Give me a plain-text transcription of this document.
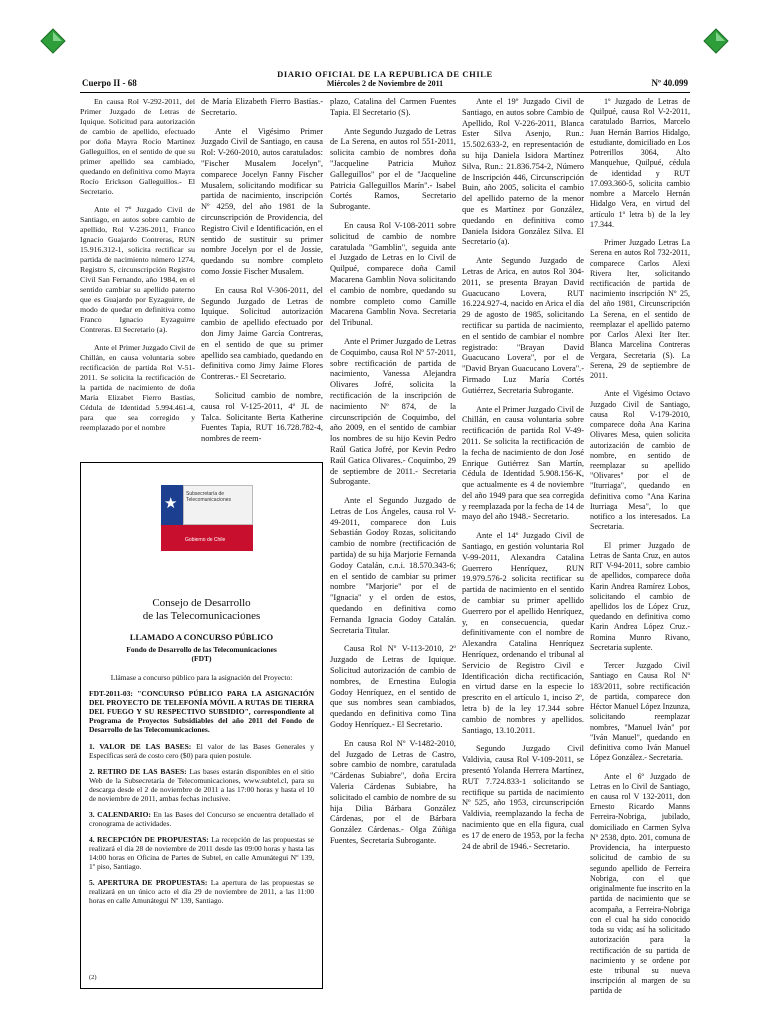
Cuerpo II - 68
DIARIO OFICIAL DE LA REPUBLICA DE CHILE
Miércoles 2 de Noviembre de 2011	Nº 40.099

En causa Rol V-292-2011, del Primer Juzgado de Letras de Iquique. Solicitud para autorización de cambio de apellido, efectuado por doña Mayra Rocío Martínez Galleguillos, en el sentido de que su primer apellido sea cambiado, quedando en definitiva como Mayra Rocío Erickson Galleguillos.- El Secretario.

Ante el 7º Juzgado Civil de Santiago, en autos sobre cambio de apellido, Rol V-236-2011, Franco Ignacio Guajardo Contreras, RUN 15.916.312-1, solicita rectificar su partida de nacimiento número 1274, Registro S, circunscripción Registro Civil San Fernando, año 1984, en el sentido cambiar su apellido paterno que es Guajardo por Eyzaguirre, de modo de quedar en definitiva como Franco Ignacio Eyzaguirre Contreras. El Secretario (a).

Ante el Primer Juzgado Civil de Chillán, en causa voluntaria sobre rectificación de partida Rol V-51-2011. Se solicita la rectificación de la partida de nacimiento de doña María Elizabet Fierro Bastías, Cédula de Identidad 5.994.461-4, para que sea corregido y reemplazado por el nombre

de María Elizabeth Fierro Bastías.- Secretario.

Ante el Vigésimo Primer Juzgado Civil de Santiago, en causa Rol: V-260-2010, autos caratulados: "Fischer Musalem Jocelyn", comparece Jocelyn Fanny Fischer Musalem, solicitando modificar su partida de nacimiento, inscripción Nº 4259, del año 1981 de la circunscripción de Providencia, del Registro Civil e Identificación, en el sentido de sustituir su primer nombre Jocelyn por el de Jossie, quedando su nombre completo como Jossie Fischer Musalem.

En causa Rol V-306-2011, del Segundo Juzgado de Letras de Iquique. Solicitud autorización cambio de apellido efectuado por don Jimy Jaime García Contreras, en el sentido de que su primer apellido sea cambiado, quedando en definitiva como Jimy Jaime Flores Contreras.- El Secretario.

Solicitud cambio de nombre, causa rol V-125-2011, 4º JL de Talca. Solicitante Berta Katherine Fuentes Tapia, RUT 16.728.782-4, nombres de reem-

plazo, Catalina del Carmen Fuentes Tapia. El Secretario (S).

Ante Segundo Juzgado de Letras de La Serena, en autos rol 551-2011, solicita cambio de nombres doña "Jacqueline Patricia Muñoz Galleguillos" por el de "Jacqueline Patricia Galleguillos Marín".- Isabel Cortés Ramos, Secretario Subrogante.

En causa Rol V-108-2011 sobre solicitud de cambio de nombre caratulada "Gamblin", seguida ante el Juzgado de Letras en lo Civil de Quilpué, comparece doña Camil Macarena Gamblin Nova solicitando el cambio de nombre, quedando su nombre completo como Camille Macarena Gamblin Nova. Secretaria del Tribunal.

Ante el Primer Juzgado de Letras de Coquimbo, causa Rol Nº 57-2011, sobre rectificación de partida de nacimiento, Vanessa Alejandra Olivares Jofré, solicita la rectificación de la inscripción de nacimiento Nº 874, de la circunscripción de Coquimbo, del año 2009, en el sentido de cambiar los nombres de su hijo Kevin Pedro Raúl Gatica Jofré, por Kevin Pedro Raúl Gatica Olivares.- Coquimbo, 29 de septiembre de 2011.- Secretaria Subrogante.

Ante el Segundo Juzgado de Letras de Los Ángeles, causa rol V-49-2011, comparece don Luis Sebastián Godoy Rozas, solicitando cambio de nombre (rectificación de partida) de su hija Marjorie Fernanda Godoy Catalán, c.n.i. 18.570.343-6; en el sentido de cambiar su primer nombre "Marjorie" por el de "Ignacia" y el orden de estos, quedando en definitiva como Fernanda Ignacia Godoy Catalán. Secretaria Titular.

Causa Rol Nº V-113-2010, 2º Juzgado de Letras de Iquique. Solicitud autorización de cambio de nombres, de Ernestina Eulogia Godoy Henríquez, en el sentido de que sus nombres sean cambiados, quedando en definitiva como Tina Godoy Henríquez.- El Secretario.

En causa Rol Nº V-1482-2010, del Juzgado de Letras de Castro, sobre cambio de nombre, caratulada "Cárdenas Subiabre", doña Ercira Valeria Cárdenas Subiabre, ha solicitado el cambio de nombre de su hija Dilia Bárbara González Cárdenas, por el de Bárbara González Cárdenas.- Olga Zúñiga Fuentes, Secretaria Subrogante.

Ante el 19º Juzgado Civil de Santiago, en autos sobre Cambio de Apellido, Rol V-226-2011, Blanca Ester Silva Asenjo, Run.: 15.502.633-2, en representación de su hija Daniela Isidora Martínez Silva, Run.: 21.836.754-2, Número de Inscripción 446, Circunscripción Buin, año 2005, solicita el cambio del apellido paterno de la menor que es Martínez por González, quedando en definitiva como Daniela Isidora González Silva. El Secretario (a).

Ante Segundo Juzgado de Letras de Arica, en autos Rol 304-2011, se presenta Brayan David Guacucano Lovera, RUT 16.224.927-4, nacido en Arica el día 29 de agosto de 1985, solicitando rectificar su partida de nacimiento, en el sentido de cambiar el nombre registrado: "Brayan David Guacucano Lovera", por el de "David Bryan Guacucano Lovera".- Firmado Luz María Cortés Gutiérrez, Secretaria Subrogante.

Ante el Primer Juzgado Civil de Chillán, en causa voluntaria sobre rectificación de partida Rol V-49-2011. Se solicita la rectificación de la fecha de nacimiento de don José Enrique Gutiérrez San Martín, Cédula de Identidad 5.908.156-K, que actualmente es 4 de noviembre del año 1949 para que sea corregida y reemplazada por la fecha de 14 de mayo del año 1948.- Secretario.

Ante el 14º Juzgado Civil de Santiago, en gestión voluntaria Rol V-99-2011, Alexandra Catalina Guerrero Henríquez, RUN 19.979.576-2 solicita rectificar su partida de nacimiento en el sentido de cambiar su primer apellido Guerrero por el apellido Henríquez, y, en consecuencia, quedar definitivamente con el nombre de Alexandra Catalina Henríquez Henríquez, ordenando el tribunal al Servicio de Registro Civil e Identificación dicha rectificación, en virtud darse en la especie lo prescrito en el artículo 1, inciso 2º, letra b) de la ley 17.344 sobre cambio de nombres y apellidos. Santiago, 13.10.2011.

Segundo Juzgado Civil Valdivia, causa Rol V-109-2011, se presentó Yolanda Herrera Martínez, RUT 7.724.833-1 solicitando se rectifique su partida de nacimiento Nº 525, año 1953, circunscripción Valdivia, reemplazando la fecha de nacimiento que en ella figura, cual es 17 de enero de 1953, por la fecha 24 de abril de 1946.- Secretario.

1º Juzgado de Letras de Quilpué, causa Rol V-2-2011, caratulado Barrios, Marcelo Juan Hernán Barrios Hidalgo, estudiante, domiciliado en Los Potrerillos 3064, Alto Manquehue, Quilpué, cédula de identidad y RUT 17.093.360-5, solicita cambio nombre a Marcelo Hernán Hidalgo Vera, en virtud del artículo 1º letra b) de la ley 17.344.

Primer Juzgado Letras La Serena en autos Rol 732-2011, comparece Carlos Alexi Rivera Iter, solicitando rectificación de partida de nacimiento inscripción Nº 25, del año 1981, Circunscripción La Serena, en el sentido de reemplazar el apellido paterno por Carlos Alexi Iter Iter. Blanca Marcelina Contreras Vergara, Secretaria (S). La Serena, 29 de septiembre de 2011.

Ante el Vigésimo Octavo Juzgado Civil de Santiago, causa Rol V-179-2010, comparece doña Ana Karina Olivares Mesa, quien solicita autorización de cambio de nombre, en sentido de reemplazar su apellido "Olivares" por el de "Iturriaga", quedando en definitiva como "Ana Karina Iturriaga Mesa", lo que notifico a los interesados. La Secretaria.

El primer Juzgado de Letras de Santa Cruz, en autos RIT V-94-2011, sobre cambio de apellidos, comparece doña Karin Andrea Ramírez Lobos, solicitando el cambio de apellidos los de López Cruz, quedando en definitiva como Karin Andrea López Cruz.- Romina Munro Rivano, Secretaria suplente.

Tercer Juzgado Civil Santiago en Causa Rol Nº 183/2011, sobre rectificación de partida, comparece don Héctor Manuel López Inzunza, solicitando reemplazar nombres, "Manuel Iván" por "Iván Manuel", quedando en definitiva como Iván Manuel López González.- Secretaria.

Ante el 6º Juzgado de Letras en lo Civil de Santiago, en causa rol V 132-2011, don Ernesto Ricardo Manns Ferreira-Nobriga, jubilado, domiciliado en Carmen Sylva Nº 2538, dpto. 201, comuna de Providencia, ha interpuesto solicitud de cambio de su segundo apellido de Ferreira Nobriga, con el que originalmente fue inscrito en la partida de nacimiento que se acompaña, a Ferreira-Nobriga con el cual ha sido conocido toda su vida; así ha solicitado autorización para la rectificación de su partida de nacimiento y se ordene por este tribunal su nueva inscripción al margen de su partida de

★
Subsecretaría de Telecomunicaciones
Gobierno de Chile
Consejo de Desarrollo
de las Telecomunicaciones
LLAMADO A CONCURSO PÚBLICO
Fondo de Desarrollo de las Telecomunicaciones
(FDT)

Llámase a concurso público para la asignación del Proyecto:

FDT-2011-03: "CONCURSO PÚBLICO PARA LA ASIGNACIÓN DEL PROYECTO DE TELEFONÍA MÓVIL A RUTAS DE TIERRA DEL FUEGO Y SU RESPECTIVO SUBSIDIO", correspondiente al Programa de Proyectos Subsidiables del año 2011 del Fondo de Desarrollo de las Telecomunicaciones.

1. VALOR DE LAS BASES: El valor de las Bases Generales y Específicas será de costo cero ($0) para quien postule.

2. RETIRO DE LAS BASES: Las bases estarán disponibles en el sitio Web de la Subsecretaría de Telecomunicaciones, www.subtel.cl, para su descarga desde el 2 de noviembre de 2011 a las 17:00 horas y hasta el 10 de noviembre de 2011, ambas fechas inclusive.

3. CALENDARIO: En las Bases del Concurso se encuentra detallado el cronograma de actividades.

4. RECEPCIÓN DE PROPUESTAS: La recepción de las propuestas se realizará el día 28 de noviembre de 2011 desde las 09:00 horas y hasta las 14:00 horas en Oficina de Partes de Subtel, en calle Amunátegui Nº 139, 1º piso, Santiago.

5. APERTURA DE PROPUESTAS: La apertura de las propuestas se realizará en un único acto el día 29 de noviembre de 2011, a las 11:00 horas en calle Amunátegui Nº 139, Santiago.

(2)
